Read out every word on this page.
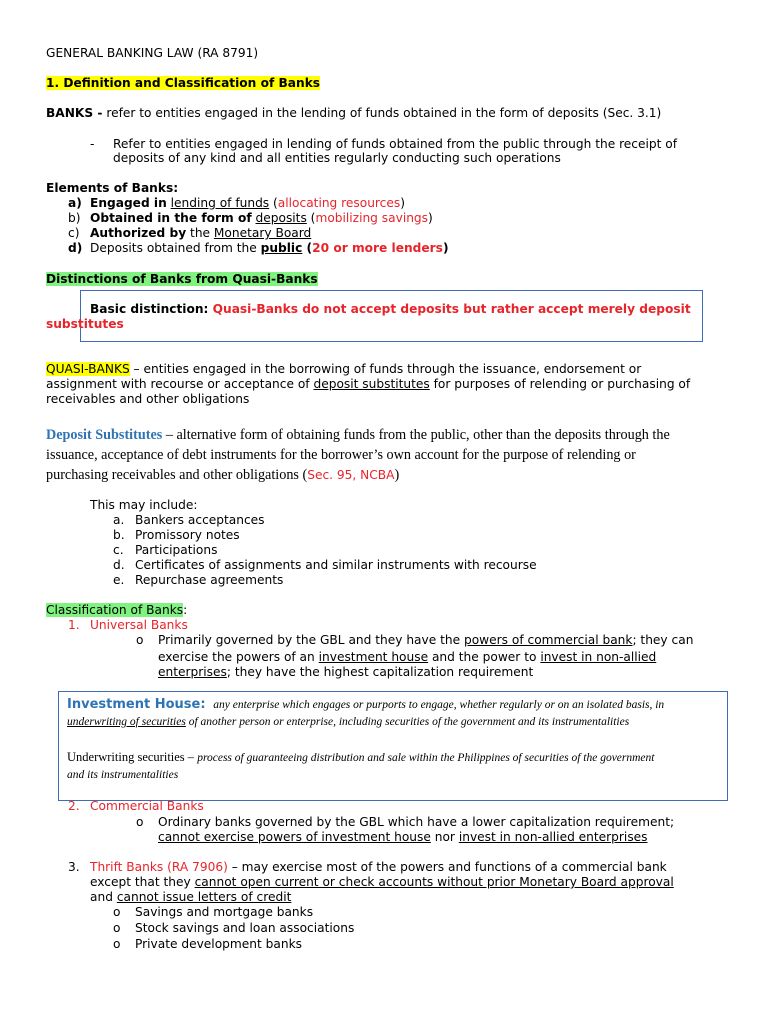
GENERAL BANKING LAW (RA 8791)
1. Definition and Classification of Banks
BANKS - refer to entities engaged in the lending of funds obtained in the form of deposits (Sec. 3.1)
- Refer to entities engaged in lending of funds obtained from the public through the receipt of
deposits of any kind and all entities regularly conducting such operations
Elements of Banks:
a) Engaged in lending of funds (allocating resources)
b) Obtained in the form of deposits (mobilizing savings)
c) Authorized by the Monetary Board
d) Deposits obtained from the public (20 or more lenders)
Distinctions of Banks from Quasi-Banks
Basic distinction: Quasi-Banks do not accept deposits but rather accept merely deposit
substitutes
QUASI-BANKS – entities engaged in the borrowing of funds through the issuance, endorsement or
assignment with recourse or acceptance of deposit substitutes for purposes of relending or purchasing of
receivables and other obligations
Deposit Substitutes – alternative form of obtaining funds from the public, other than the deposits through the
issuance, acceptance of debt instruments for the borrower’s own account for the purpose of relending or
purchasing receivables and other obligations (Sec. 95, NCBA)
This may include:
a. Bankers acceptances
b. Promissory notes
c. Participations
d. Certificates of assignments and similar instruments with recourse
e. Repurchase agreements
Classification of Banks:
1. Universal Banks
o Primarily governed by the GBL and they have the powers of commercial bank; they can
exercise the powers of an investment house and the power to invest in non-allied
enterprises; they have the highest capitalization requirement
Investment House: any enterprise which engages or purports to engage, whether regularly or on an isolated basis, in
underwriting of securities of another person or enterprise, including securities of the government and its instrumentalities
Underwriting securities – process of guaranteeing distribution and sale within the Philippines of securities of the government
and its instrumentalities
2. Commercial Banks
o Ordinary banks governed by the GBL which have a lower capitalization requirement;
cannot exercise powers of investment house nor invest in non-allied enterprises
3. Thrift Banks (RA 7906) – may exercise most of the powers and functions of a commercial bank
except that they cannot open current or check accounts without prior Monetary Board approval
and cannot issue letters of credit
o Savings and mortgage banks
o Stock savings and loan associations
o Private development banks
